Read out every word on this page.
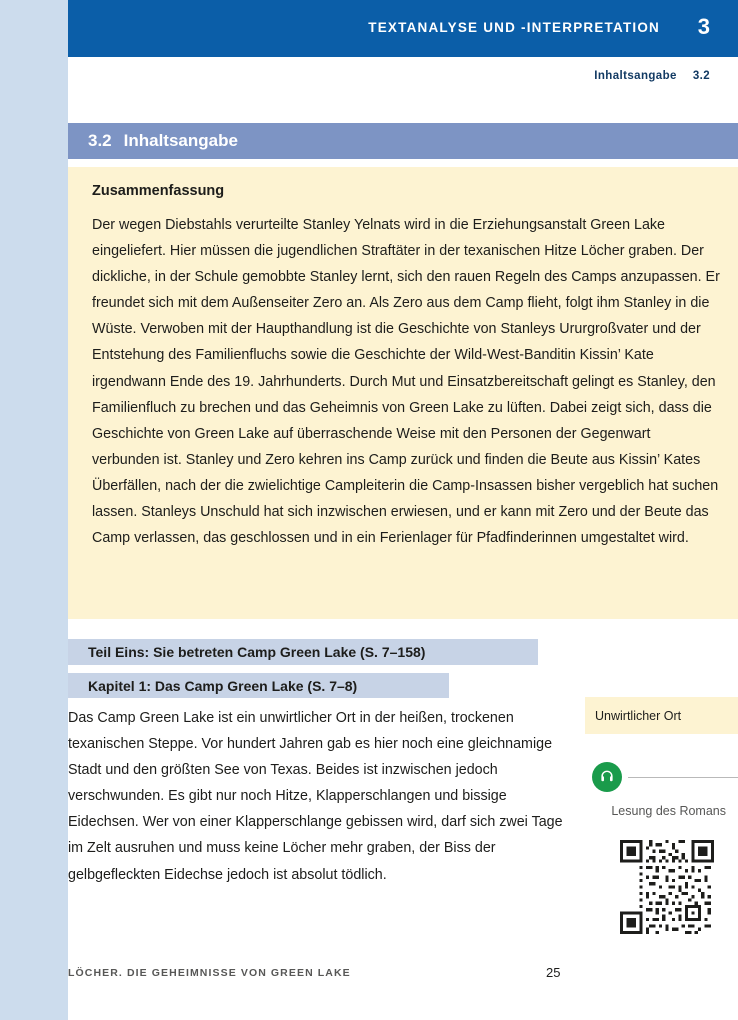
TEXTANALYSE UND -INTERPRETATION 3
Inhaltsangabe 3.2
3.2 Inhaltsangabe
Zusammenfassung
Der wegen Diebstahls verurteilte Stanley Yelnats wird in die Erziehungsanstalt Green Lake eingeliefert. Hier müssen die jugendlichen Straftäter in der texanischen Hitze Löcher graben. Der dickliche, in der Schule gemobbte Stanley lernt, sich den rauen Regeln des Camps anzupassen. Er freundet sich mit dem Außenseiter Zero an. Als Zero aus dem Camp flieht, folgt ihm Stanley in die Wüste. Verwoben mit der Haupthandlung ist die Geschichte von Stanleys Ururgroßvater und der Entstehung des Familienfluchs sowie die Geschichte der Wild-West-Banditin Kissin’ Kate irgendwann Ende des 19. Jahrhunderts. Durch Mut und Einsatzbereitschaft gelingt es Stanley, den Familienfluch zu brechen und das Geheimnis von Green Lake zu lüften. Dabei zeigt sich, dass die Geschichte von Green Lake auf überraschende Weise mit den Personen der Gegenwart verbunden ist. Stanley und Zero kehren ins Camp zurück und finden die Beute aus Kissin’ Kates Überfällen, nach der die zwielichtige Campleiterin die Camp-Insassen bisher vergeblich hat suchen lassen. Stanleys Unschuld hat sich inzwischen erwiesen, und er kann mit Zero und der Beute das Camp verlassen, das geschlossen und in ein Ferienlager für Pfadfinderinnen umgestaltet wird.
Teil Eins: Sie betreten Camp Green Lake (S. 7–158)
Kapitel 1: Das Camp Green Lake (S. 7–8)
Das Camp Green Lake ist ein unwirtlicher Ort in der heißen, trockenen texanischen Steppe. Vor hundert Jahren gab es hier noch eine gleichnamige Stadt und den größten See von Texas. Beides ist inzwischen jedoch verschwunden. Es gibt nur noch Hitze, Klapperschlangen und bissige Eidechsen. Wer von einer Klapperschlange gebissen wird, darf sich zwei Tage im Zelt ausruhen und muss keine Löcher mehr graben, der Biss der gelbgefleckten Eidechse jedoch ist absolut tödlich.
Unwirtlicher Ort
Lesung des Romans
LÖCHER. DIE GEHEIMNISSE VON GREEN LAKE	25
